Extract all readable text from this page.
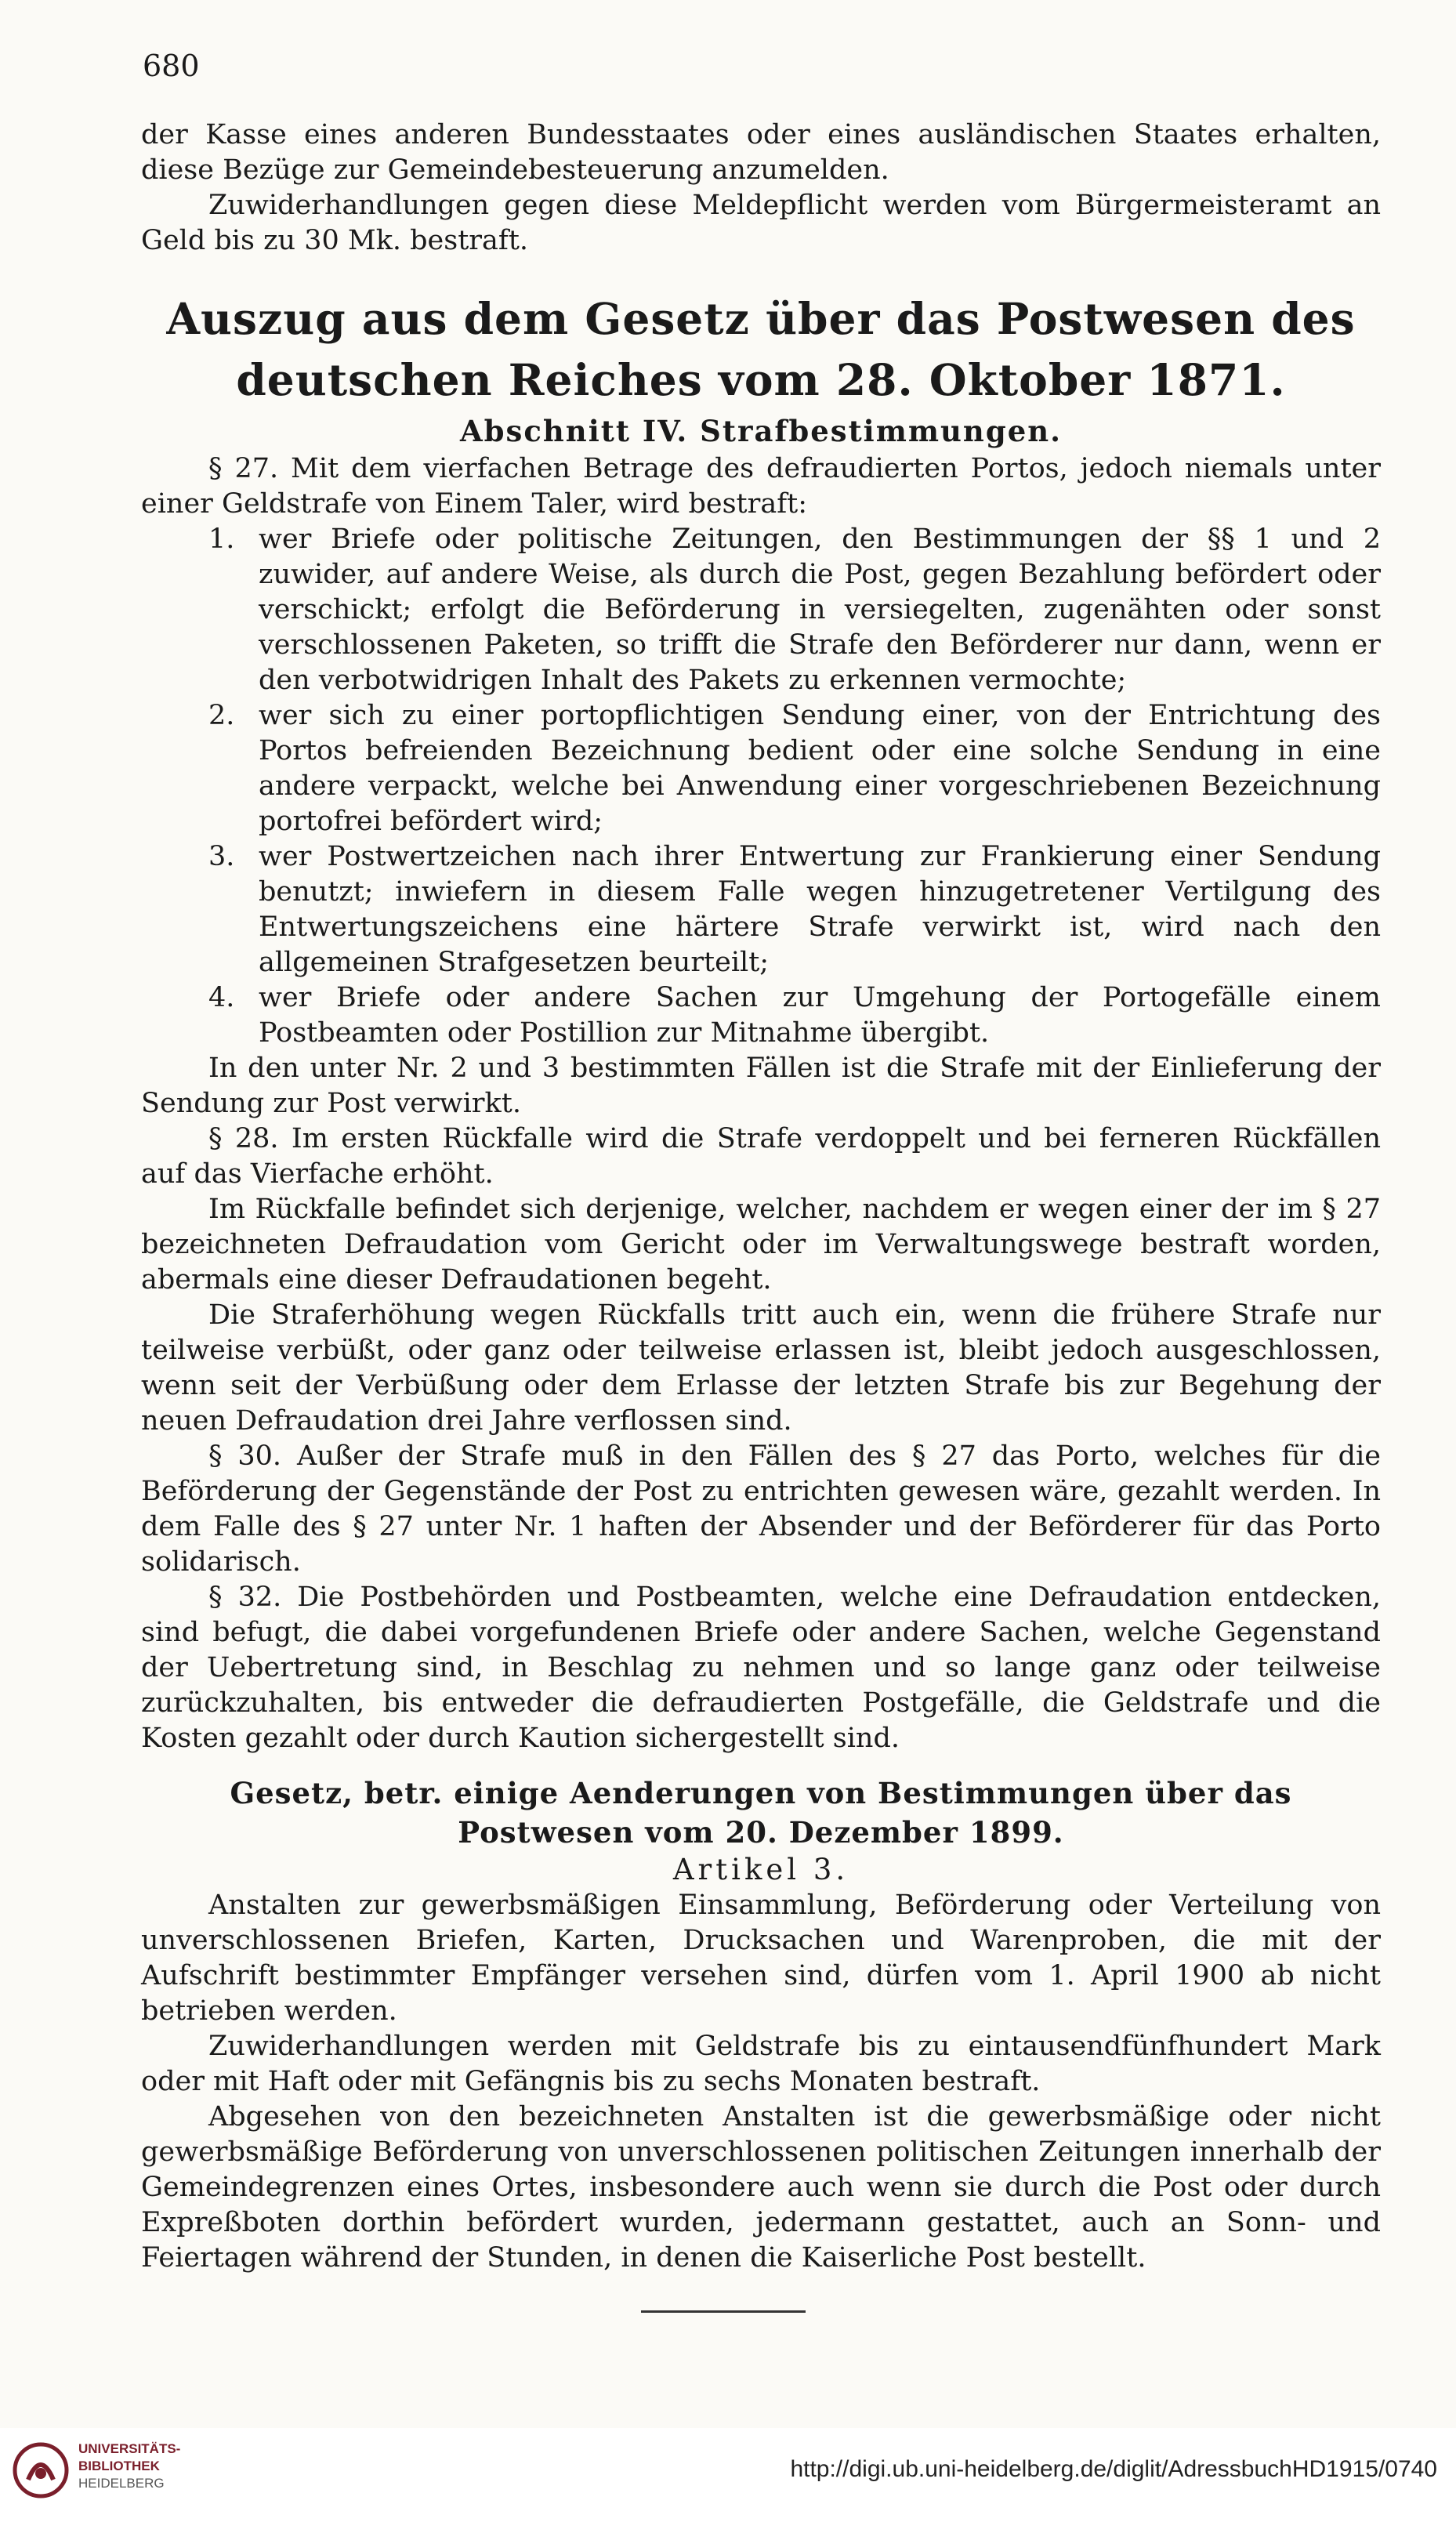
680

der Kasse eines anderen Bundesstaates oder eines ausländischen Staates erhalten, diese Bezüge zur Gemeindebesteuerung anzumelden.

Zuwiderhandlungen gegen diese Meldepflicht werden vom Bürgermeisteramt an Geld bis zu 30 Mk. bestraft.

Auszug aus dem Gesetz über das Postwesen des deutschen Reiches vom 28. Oktober 1871.
Abschnitt IV. Strafbestimmungen.

§ 27. Mit dem vierfachen Betrage des defraudierten Portos, jedoch niemals unter einer Geldstrafe von Einem Taler, wird bestraft:

1. wer Briefe oder politische Zeitungen, den Bestimmungen der §§ 1 und 2 zuwider, auf andere Weise, als durch die Post, gegen Bezahlung befördert oder verschickt; erfolgt die Beförderung in versiegelten, zugenähten oder sonst verschlossenen Paketen, so trifft die Strafe den Beförderer nur dann, wenn er den verbotwidrigen Inhalt des Pakets zu erkennen vermochte;
2. wer sich zu einer portopflichtigen Sendung einer, von der Entrichtung des Portos befreienden Bezeichnung bedient oder eine solche Sendung in eine andere verpackt, welche bei Anwendung einer vorgeschriebenen Bezeichnung portofrei befördert wird;
3. wer Postwertzeichen nach ihrer Entwertung zur Frankierung einer Sendung benutzt; inwiefern in diesem Falle wegen hinzugetretener Vertilgung des Entwertungszeichens eine härtere Strafe verwirkt ist, wird nach den allgemeinen Strafgesetzen beurteilt;
4. wer Briefe oder andere Sachen zur Umgehung der Portogefälle einem Postbeamten oder Postillion zur Mitnahme übergibt.

In den unter Nr. 2 und 3 bestimmten Fällen ist die Strafe mit der Einlieferung der Sendung zur Post verwirkt.

§ 28. Im ersten Rückfalle wird die Strafe verdoppelt und bei ferneren Rückfällen auf das Vierfache erhöht.

Im Rückfalle befindet sich derjenige, welcher, nachdem er wegen einer der im § 27 bezeichneten Defraudation vom Gericht oder im Verwaltungswege bestraft worden, abermals eine dieser Defraudationen begeht.

Die Straferhöhung wegen Rückfalls tritt auch ein, wenn die frühere Strafe nur teilweise verbüßt, oder ganz oder teilweise erlassen ist, bleibt jedoch ausgeschlossen, wenn seit der Verbüßung oder dem Erlasse der letzten Strafe bis zur Begehung der neuen Defraudation drei Jahre verflossen sind.

§ 30. Außer der Strafe muß in den Fällen des § 27 das Porto, welches für die Beförderung der Gegenstände der Post zu entrichten gewesen wäre, gezahlt werden. In dem Falle des § 27 unter Nr. 1 haften der Absender und der Beförderer für das Porto solidarisch.

§ 32. Die Postbehörden und Postbeamten, welche eine Defraudation entdecken, sind befugt, die dabei vorgefundenen Briefe oder andere Sachen, welche Gegenstand der Uebertretung sind, in Beschlag zu nehmen und so lange ganz oder teilweise zurückzuhalten, bis entweder die defraudierten Postgefälle, die Geldstrafe und die Kosten gezahlt oder durch Kaution sichergestellt sind.

Gesetz, betr. einige Aenderungen von Bestimmungen über das Postwesen vom 20. Dezember 1899.
Artikel 3.

Anstalten zur gewerbsmäßigen Einsammlung, Beförderung oder Verteilung von unverschlossenen Briefen, Karten, Drucksachen und Warenproben, die mit der Aufschrift bestimmter Empfänger versehen sind, dürfen vom 1. April 1900 ab nicht betrieben werden.

Zuwiderhandlungen werden mit Geldstrafe bis zu eintausendfünfhundert Mark oder mit Haft oder mit Gefängnis bis zu sechs Monaten bestraft.

Abgesehen von den bezeichneten Anstalten ist die gewerbsmäßige oder nicht gewerbsmäßige Beförderung von unverschlossenen politischen Zeitungen innerhalb der Gemeindegrenzen eines Ortes, insbesondere auch wenn sie durch die Post oder durch Expreßboten dorthin befördert wurden, jedermann gestattet, auch an Sonn- und Feiertagen während der Stunden, in denen die Kaiserliche Post bestellt.

UNIVERSITÄTS-
BIBLIOTHEK
HEIDELBERG
http://digi.ub.uni-heidelberg.de/diglit/AdressbuchHD1915/0740
